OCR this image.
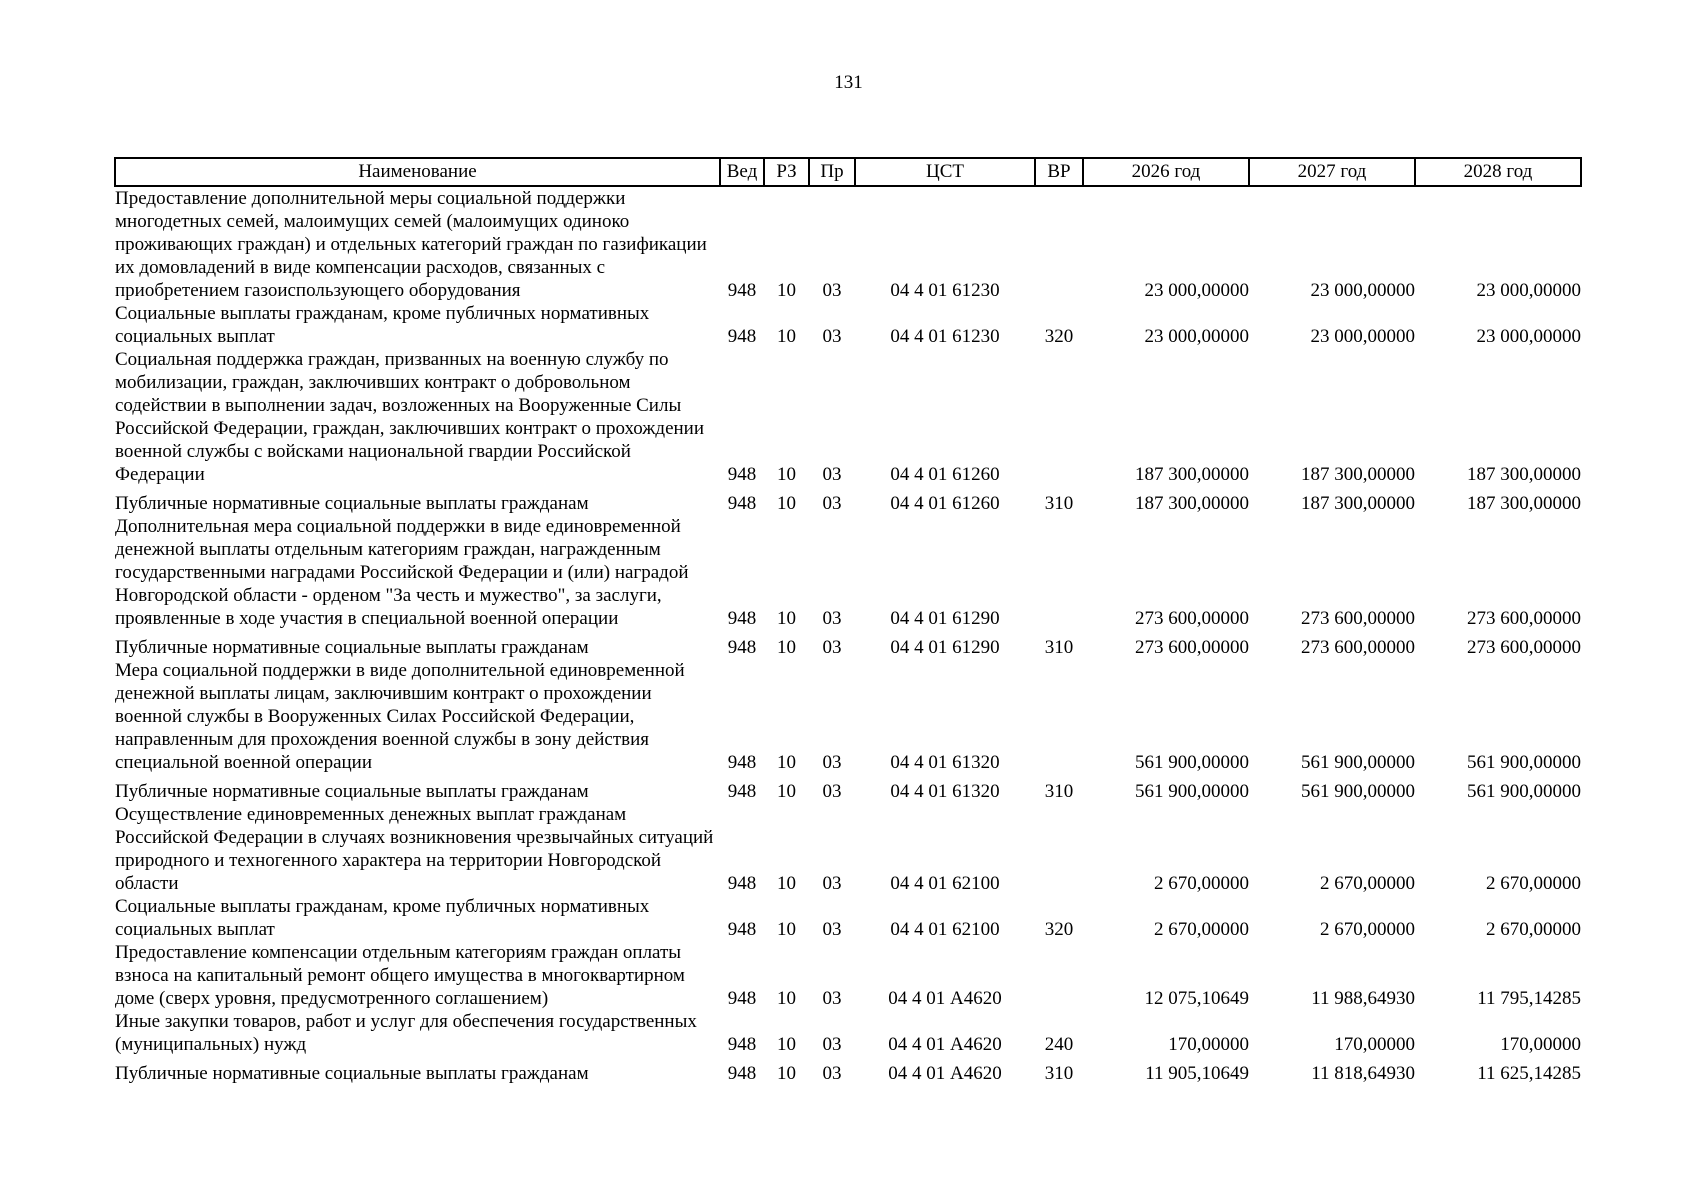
131
Наименование	Вед	РЗ	Пр	ЦСТ	ВР	2026 год	2027 год	2028 год
Предоставление дополнительной меры социальной поддержки многодетных семей, малоимущих семей (малоимущих одиноко проживающих граждан) и отдельных категорий граждан по газификации их домовладений в виде компенсации расходов, связанных с приобретением газоиспользующего оборудования	948	10	03	04 4 01 61230		23 000,00000	23 000,00000	23 000,00000
Социальные выплаты гражданам, кроме публичных нормативных социальных выплат	948	10	03	04 4 01 61230	320	23 000,00000	23 000,00000	23 000,00000
Социальная поддержка граждан, призванных на военную службу по мобилизации, граждан, заключивших контракт о добровольном содействии в выполнении задач, возложенных на Вооруженные Силы Российской Федерации, граждан, заключивших контракт о прохождении военной службы с войсками национальной гвардии Российской Федерации	948	10	03	04 4 01 61260		187 300,00000	187 300,00000	187 300,00000
Публичные нормативные социальные выплаты гражданам	948	10	03	04 4 01 61260	310	187 300,00000	187 300,00000	187 300,00000
Дополнительная мера социальной поддержки в виде единовременной денежной выплаты отдельным категориям граждан, награжденным государственными наградами Российской Федерации и (или) наградой Новгородской области - орденом "За честь и мужество", за заслуги, проявленные в ходе участия в специальной военной операции	948	10	03	04 4 01 61290		273 600,00000	273 600,00000	273 600,00000
Публичные нормативные социальные выплаты гражданам	948	10	03	04 4 01 61290	310	273 600,00000	273 600,00000	273 600,00000
Мера социальной поддержки в виде дополнительной единовременной денежной выплаты лицам, заключившим контракт о прохождении военной службы в Вооруженных Силах Российской Федерации, направленным для прохождения военной службы в зону действия специальной военной операции	948	10	03	04 4 01 61320		561 900,00000	561 900,00000	561 900,00000
Публичные нормативные социальные выплаты гражданам	948	10	03	04 4 01 61320	310	561 900,00000	561 900,00000	561 900,00000
Осуществление единовременных денежных выплат гражданам Российской Федерации в случаях возникновения чрезвычайных ситуаций природного и техногенного характера на территории Новгородской области	948	10	03	04 4 01 62100		2 670,00000	2 670,00000	2 670,00000
Социальные выплаты гражданам, кроме публичных нормативных социальных выплат	948	10	03	04 4 01 62100	320	2 670,00000	2 670,00000	2 670,00000
Предоставление компенсации отдельным категориям граждан оплаты взноса на капитальный ремонт общего имущества в многоквартирном доме (сверх уровня, предусмотренного соглашением)	948	10	03	04 4 01 А4620		12 075,10649	11 988,64930	11 795,14285
Иные закупки товаров, работ и услуг для обеспечения государственных (муниципальных) нужд	948	10	03	04 4 01 А4620	240	170,00000	170,00000	170,00000
Публичные нормативные социальные выплаты гражданам	948	10	03	04 4 01 А4620	310	11 905,10649	11 818,64930	11 625,14285
